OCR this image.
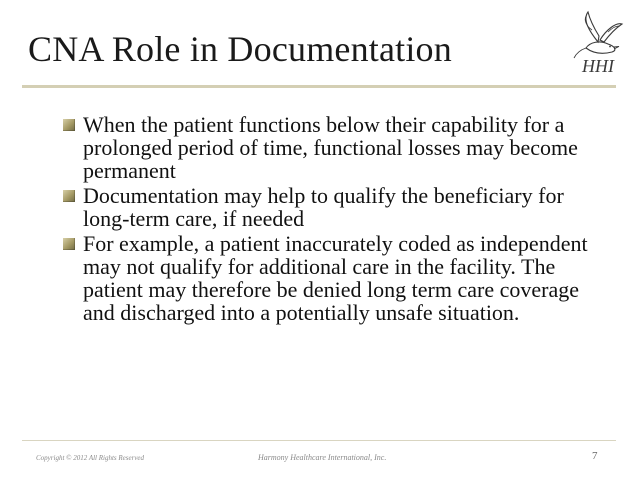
CNA Role in Documentation	HHI
When the patient functions below their capability for a prolonged period of time, functional losses may become permanent
Documentation may help to qualify the beneficiary for long-term care, if needed
For example, a patient inaccurately coded as independent may not qualify for additional care in the facility. The patient may therefore be denied long term care coverage and discharged into a potentially unsafe situation.
Copyright © 2012 All Rights Reserved	Harmony Healthcare International, Inc.	7
